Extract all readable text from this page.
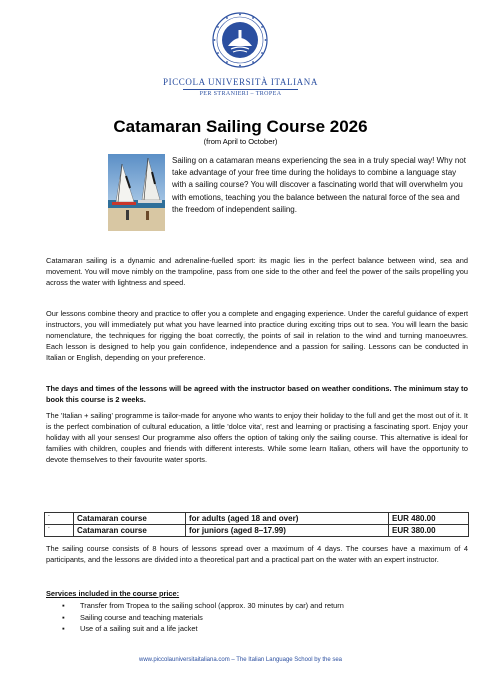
PICCOLA UNIVERSITÀ ITALIANA
PER STRANIERI – TROPEA
Catamaran Sailing Course 2026
(from April to October)
Sailing on a catamaran means experiencing the sea in a truly special way! Why not take advantage of your free time during the holidays to combine a language stay with a sailing course? You will discover a fascinating world that will overwhelm you with emotions, teaching you the balance between the natural force of the sea and the freedom of independent sailing.
Catamaran sailing is a dynamic and adrenaline-fuelled sport: its magic lies in the perfect balance between wind, sea and movement. You will move nimbly on the trampoline, pass from one side to the other and feel the power of the sails propelling you across the water with lightness and speed.
Our lessons combine theory and practice to offer you a complete and engaging experience. Under the careful guidance of expert instructors, you will immediately put what you have learned into practice during exciting trips out to sea. You will learn the basic nomenclature, the techniques for rigging the boat correctly, the points of sail in relation to the wind and turning manoeuvres. Each lesson is designed to help you gain confidence, independence and a passion for sailing. Lessons can be conducted in Italian or English, depending on your preference.
The days and times of the lessons will be agreed with the instructor based on weather conditions. The minimum stay to book this course is 2 weeks.
The 'Italian + sailing' programme is tailor-made for anyone who wants to enjoy their holiday to the full and get the most out of it. It is the perfect combination of cultural education, a little 'dolce vita', rest and learning or practising a fascinating sport. Enjoy your holiday with all your senses! Our programme also offers the option of taking only the sailing course. This alternative is ideal for families with children, couples and friends with different interests. While some learn Italian, others will have the opportunity to devote themselves to their favourite water sports.
-	Catamaran course	for adults (aged 18 and over)	EUR 480.00
-	Catamaran course	for juniors (aged 8–17.99)	EUR 380.00
The sailing course consists of 8 hours of lessons spread over a maximum of 4 days. The courses have a maximum of 4 participants, and the lessons are divided into a theoretical part and a practical part on the water with an expert instructor.
Services included in the course price:
▪ Transfer from Tropea to the sailing school (approx. 30 minutes by car) and return
▪ Sailing course and teaching materials
▪ Use of a sailing suit and a life jacket
www.piccolauniversitaitaliana.com – The Italian Language School by the sea
